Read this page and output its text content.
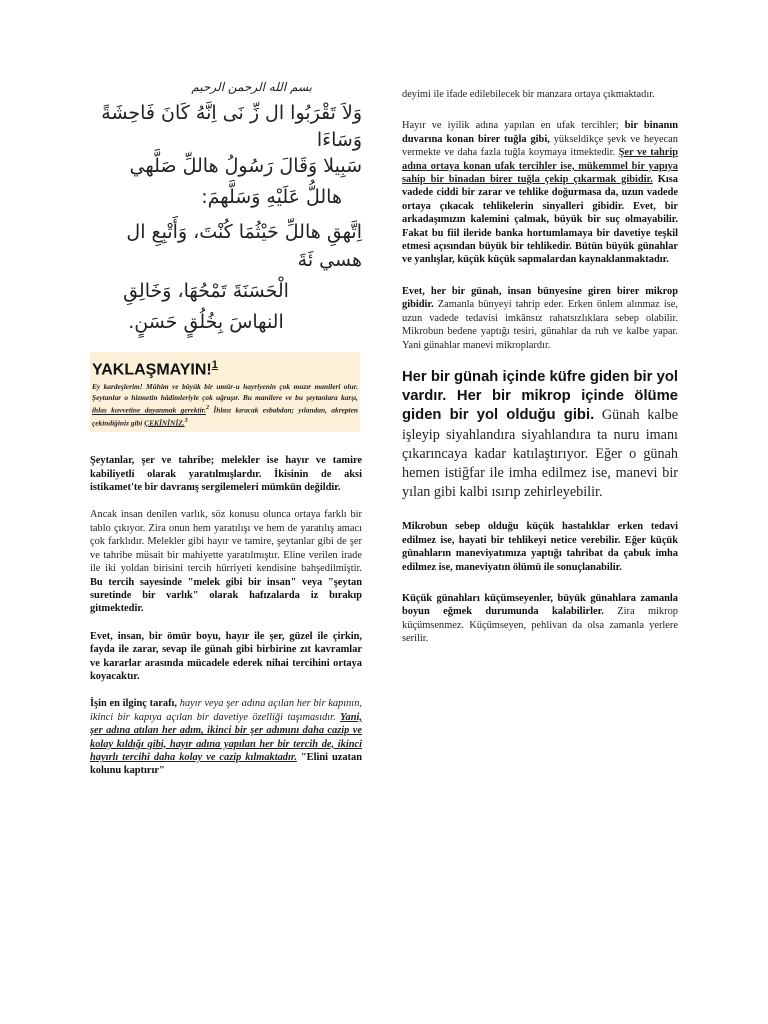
بسم الله الرحمن الرحيم
وَلاَ تَقْرَبُوا ال زِّ نَى اِنَّهُ كَانَ فَاحِشَةً
وَسَاءَا
سَبِيلا وَقَالَ رَسُولُ هاللِّ صَلَّهي
هاللُّ عَلَيْهِ وَسَلَّهمَ:
اِتَّهقِ هاللِّ حَيْثُمَا كُنْتَ، وَأَتْبِعِ ال
هسي ئَةَ
الْحَسَنَةَ تَمْحُهَا، وَخَالِقِ
النهاسَ بِخُلُقٍ حَسَنٍ.
YAKLAŞMAYIN!$^1$
Ey kardeşlerim! Mühim ve büyük bir umûr-u hayriyenin çok muzır manileri olur. Şeytanlar o hizmetin hâdimleriyle çok uğraşır. Bu manilere ve bu şeytanlara karşı, ihlas kuvvetine dayanmak gerektir.$^2$ İhlası kıracak esbabdan; yılandan, akrepten çekindiğiniz gibi ÇEKİNİNİZ.$^3$

Şeytanlar, şer ve tahribe; melekler ise hayır ve tamire kabiliyetli olarak yaratılmışlardır. İkisinin de aksi istikamet'te bir davranış sergilemeleri mümkün değildir.

Ancak insan denilen varlık, söz konusu olunca ortaya farklı bir tablo çıkıyor. Zira onun hem yaratılışı ve hem de yaratılış amacı çok farklıdır. Melekler gibi hayır ve tamire, şeytanlar gibi de şer ve tahribe müsait bir mahiyette yaratılmıştır. Eline verilen irade ile iki yoldan birisini tercih hürriyeti kendisine bahşedilmiştir. Bu tercih sayesinde "melek gibi bir insan" veya "şeytan suretinde bir varlık" olarak hafızalarda iz bırakıp gitmektedir.

Evet, insan, bir ömür boyu, hayır ile şer, güzel ile çirkin, fayda ile zarar, sevap ile günah gibi birbirine zıt kavramlar ve kararlar arasında mücadele ederek nihai tercihini ortaya koyacaktır.

İşin en ilginç tarafı, hayır veya şer adına açılan her bir kapının, ikinci bir kapıya açılan bir davetiye özelliği taşımasıdır. Yani, şer adına atılan her adım, ikinci bir şer adımını daha cazip ve kolay kıldığı gibi, hayır adına yapılan her bir tercih de, ikinci hayırlı tercihi daha kolay ve cazip kılmaktadır. "Elini uzatan kolunu kaptırır"

deyimi ile ifade edilebilecek bir manzara ortaya çıkmaktadır.

Hayır ve iyilik adına yapılan en ufak tercihler; bir binanın duvarına konan birer tuğla gibi, yükseldikçe şevk ve heyecan vermekte ve daha fazla tuğla koymaya itmektedir. Şer ve tahrip adına ortaya konan ufak tercihler ise, mükemmel bir yapıya sahip bir binadan birer tuğla çekip çıkarmak gibidir. Kısa vadede ciddi bir zarar ve tehlike doğurmasa da, uzun vadede ortaya çıkacak tehlikelerin sinyalleri gibidir. Evet, bir arkadaşımızın kalemini çalmak, büyük bir suç olmayabilir. Fakat bu fiil ileride banka hortumlamaya bir davetiye teşkil etmesi açısından büyük bir tehlikedir. Bütün büyük günahlar ve yanlışlar, küçük küçük sapmalardan kaynaklanmaktadır.

Evet, her bir günah, insan bünyesine giren birer mikrop gibidir. Zamanla bünyeyi tahrip eder. Erken önlem alınmaz ise, uzun vadede tedavisi imkânsız rahatsızlıklara sebep olabilir. Mikrobun bedene yaptığı tesiri, günahlar da ruh ve kalbe yapar. Yani günahlar manevi mikroplardır.

Her bir günah içinde küfre giden bir yol vardır. Her bir mikrop içinde ölüme giden bir yol olduğu gibi. Günah kalbe işleyip siyahlandıra siyahlandıra ta nuru imanı çıkarıncaya kadar katılaştırıyor. Eğer o günah hemen istiğfar ile imha edilmez ise, manevi bir yılan gibi kalbi ısırıp zehirleyebilir.

Mikrobun sebep olduğu küçük hastalıklar erken tedavi edilmez ise, hayati bir tehlikeyi netice verebilir. Eğer küçük günahların maneviyatımıza yaptığı tahribat da çabuk imha edilmez ise, maneviyatın ölümü ile sonuçlanabilir.

Küçük günahları küçümseyenler, büyük günahlara zamanla boyun eğmek durumunda kalabilirler. Zira mikrop küçümsenmez. Küçümseyen, pehlivan da olsa zamanla yerlere serilir.
